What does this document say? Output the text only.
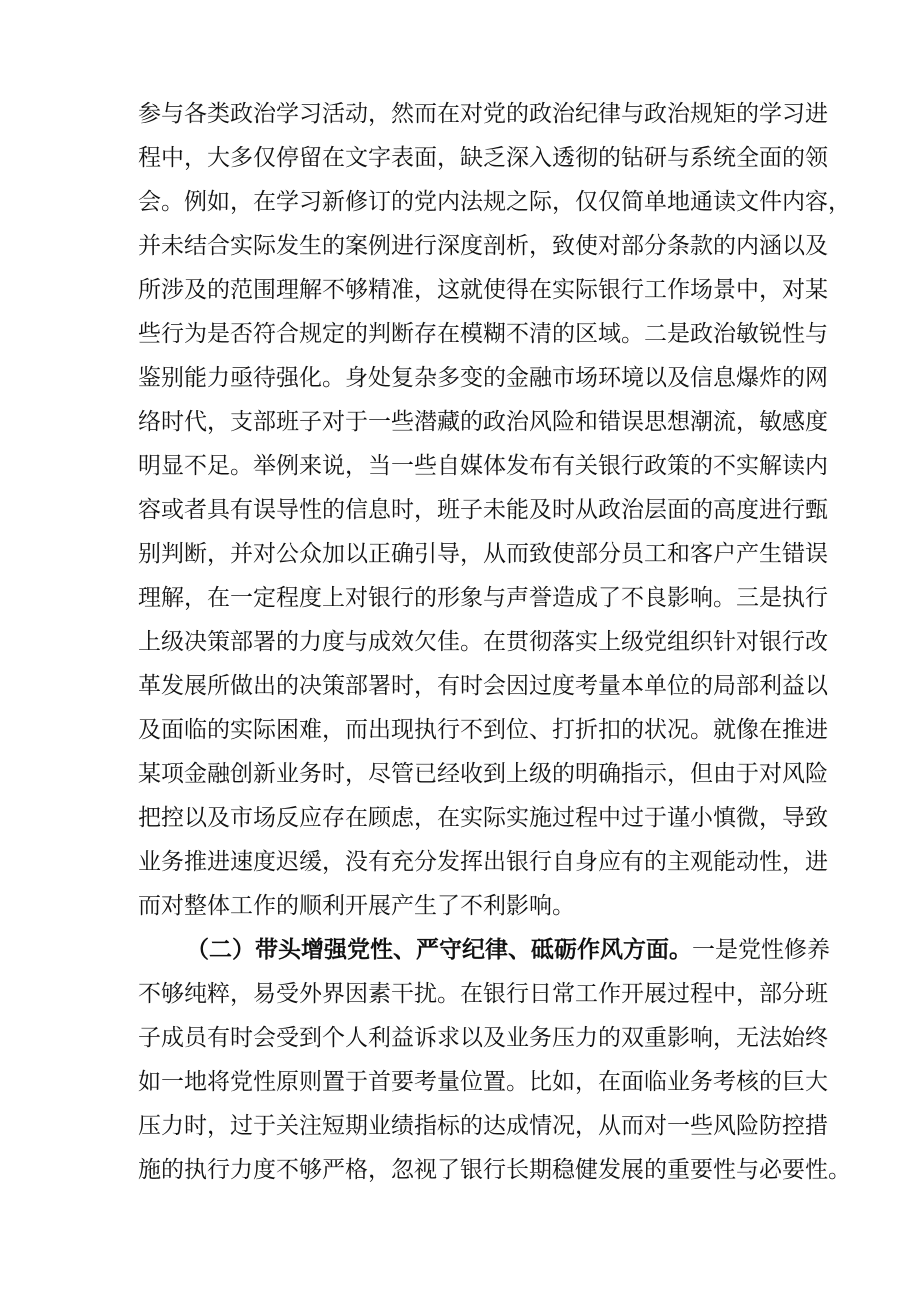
参与各类政治学习活动，然而在对党的政治纪律与政治规矩的学习进
程中，大多仅停留在文字表面，缺乏深入透彻的钻研与系统全面的领
会。例如，在学习新修订的党内法规之际，仅仅简单地通读文件内容，
并未结合实际发生的案例进行深度剖析，致使对部分条款的内涵以及
所涉及的范围理解不够精准，这就使得在实际银行工作场景中，对某
些行为是否符合规定的判断存在模糊不清的区域。二是政治敏锐性与
鉴别能力亟待强化。身处复杂多变的金融市场环境以及信息爆炸的网
络时代，支部班子对于一些潜藏的政治风险和错误思想潮流，敏感度
明显不足。举例来说，当一些自媒体发布有关银行政策的不实解读内
容或者具有误导性的信息时，班子未能及时从政治层面的高度进行甄
别判断，并对公众加以正确引导，从而致使部分员工和客户产生错误
理解，在一定程度上对银行的形象与声誉造成了不良影响。三是执行
上级决策部署的力度与成效欠佳。在贯彻落实上级党组织针对银行改
革发展所做出的决策部署时，有时会因过度考量本单位的局部利益以
及面临的实际困难，而出现执行不到位、打折扣的状况。就像在推进
某项金融创新业务时，尽管已经收到上级的明确指示，但由于对风险
把控以及市场反应存在顾虑，在实际实施过程中过于谨小慎微，导致
业务推进速度迟缓，没有充分发挥出银行自身应有的主观能动性，进
而对整体工作的顺利开展产生了不利影响。
（二）带头增强党性、严守纪律、砥砺作风方面。一是党性修养
不够纯粹，易受外界因素干扰。在银行日常工作开展过程中，部分班
子成员有时会受到个人利益诉求以及业务压力的双重影响，无法始终
如一地将党性原则置于首要考量位置。比如，在面临业务考核的巨大
压力时，过于关注短期业绩指标的达成情况，从而对一些风险防控措
施的执行力度不够严格，忽视了银行长期稳健发展的重要性与必要性。
